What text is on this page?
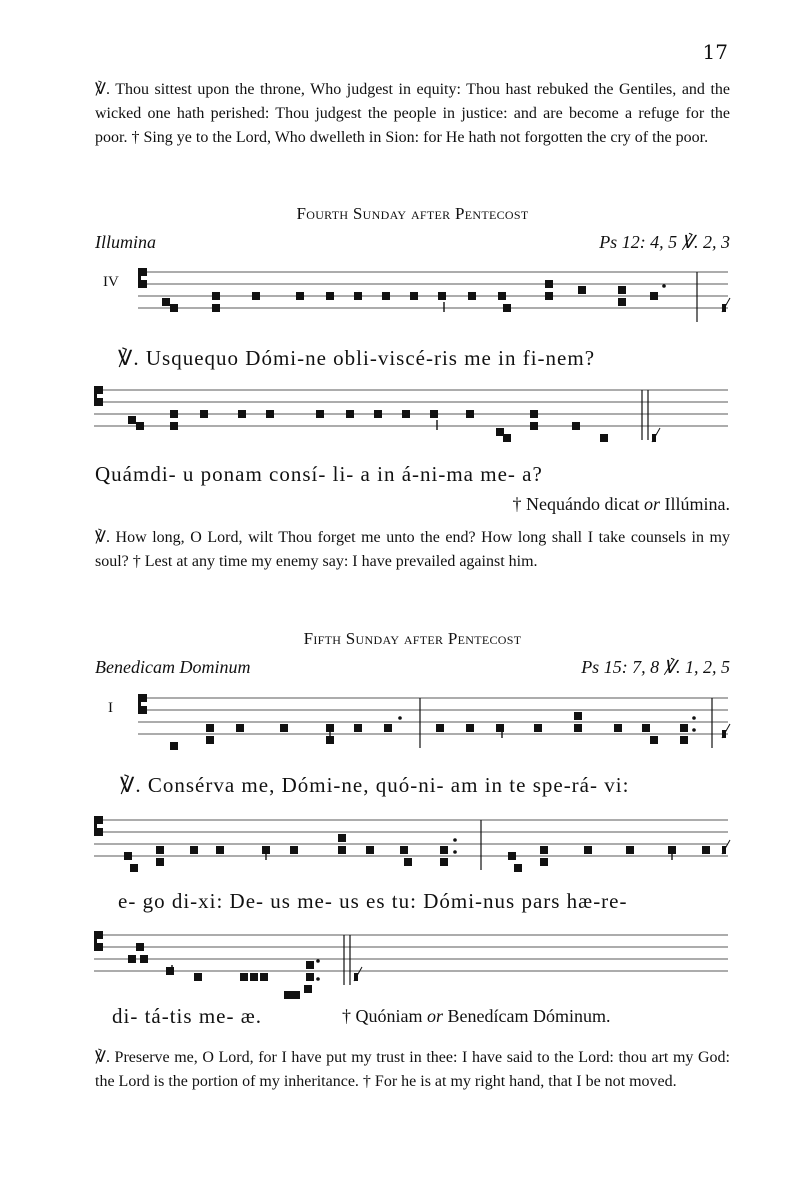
17
℣. Thou sittest upon the throne, Who judgest in equity: Thou hast rebuked the Gentiles, and the wicked one hath perished: Thou judgest the people in justice: and are become a refuge for the poor. † Sing ye to the Lord, Who dwelleth in Sion: for He hath not forgotten the cry of the poor.
Fourth Sunday after Pentecost
Illumina	Ps 12: 4, 5 ℣. 2, 3
IV
℣. Usquequo Dómi-ne obli-viscé-ris me in fi-nem?
Quámdi- u ponam consí- li- a in á-ni-ma me- a?
† Nequándo dicat or Illúmina.
℣. How long, O Lord, wilt Thou forget me unto the end? How long shall I take counsels in my soul? † Lest at any time my enemy say: I have prevailed against him.
Fifth Sunday after Pentecost
Benedicam Dominum	Ps 15: 7, 8 ℣. 1, 2, 5
I
℣. Consérva me, Dómi-ne, quó-ni- am in te spe-rá- vi:
e- go di-xi: De- us me- us es tu: Dómi-nus pars hæ-re-
di- tá-tis me- æ.	† Quóniam or Benedícam Dóminum.
℣. Preserve me, O Lord, for I have put my trust in thee: I have said to the Lord: thou art my God: the Lord is the portion of my inheritance. † For he is at my right hand, that I be not moved.
